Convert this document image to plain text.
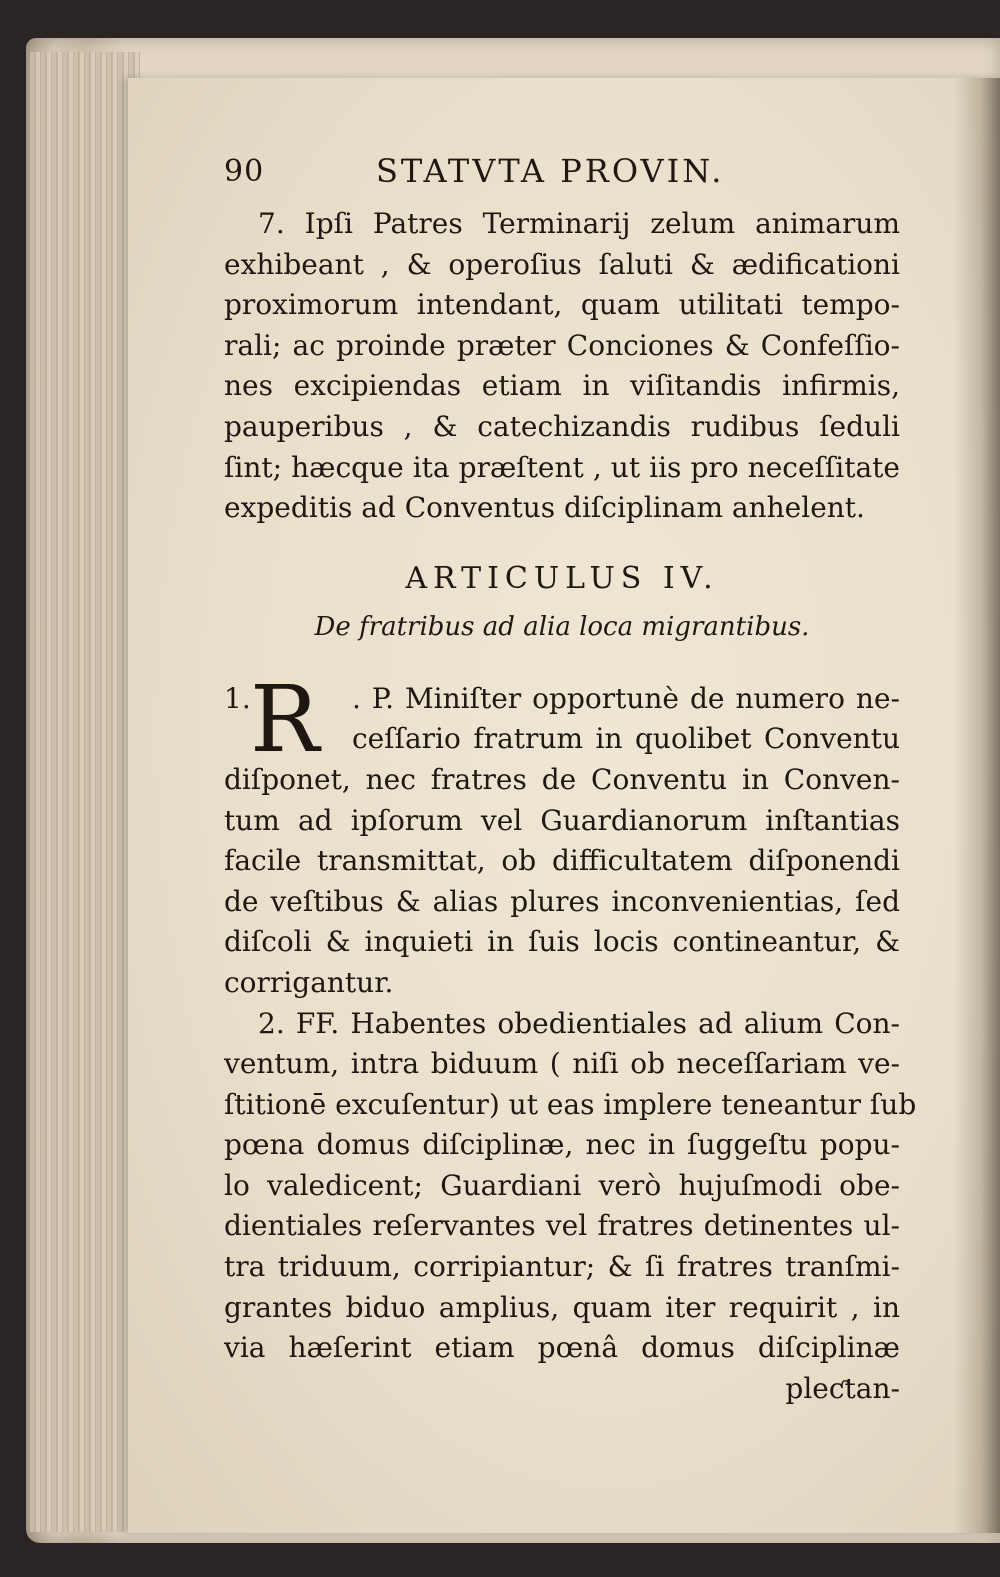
90	STATVTA PROVIN.
7. Ipſi Patres Terminarij zelum animarum
exhibeant , & operoſius ſaluti & ædificationi
proximorum intendant, quam utilitati tempo-
rali; ac proinde præter Conciones & Confeſſio-
nes excipiendas etiam in viſitandis infirmis,
pauperibus , & catechizandis rudibus ſeduli
ſint; hæcque ita præſtent , ut iis pro neceſſitate
expeditis ad Conventus diſciplinam anhelent.
ARTICULUS IV.
De fratribus ad alia loca migrantibus.
1. R	. P. Miniſter opportunè de numero ne-
ceſſario fratrum in quolibet Conventu
diſponet, nec fratres de Conventu in Conven-
tum ad ipſorum vel Guardianorum inſtantias
facile transmittat, ob difficultatem diſponendi
de veſtibus & alias plures inconvenientias, ſed
diſcoli & inquieti in ſuis locis contineantur, &
corrigantur.
2. FF. Habentes obedientiales ad alium Con-
ventum, intra biduum ( niſi ob neceſſariam ve-
ſtitionē excuſentur) ut eas implere teneantur ſub
pœna domus diſciplinæ, nec in ſuggeſtu popu-
lo valedicent; Guardiani verò hujuſmodi obe-
dientiales reſervantes vel fratres detinentes ul-
tra triduum, corripiantur; & ſi fratres tranſmi-
grantes biduo amplius, quam iter requirit , in
via hæſerint etiam pœnâ domus diſciplinæ
pleƈtan-
